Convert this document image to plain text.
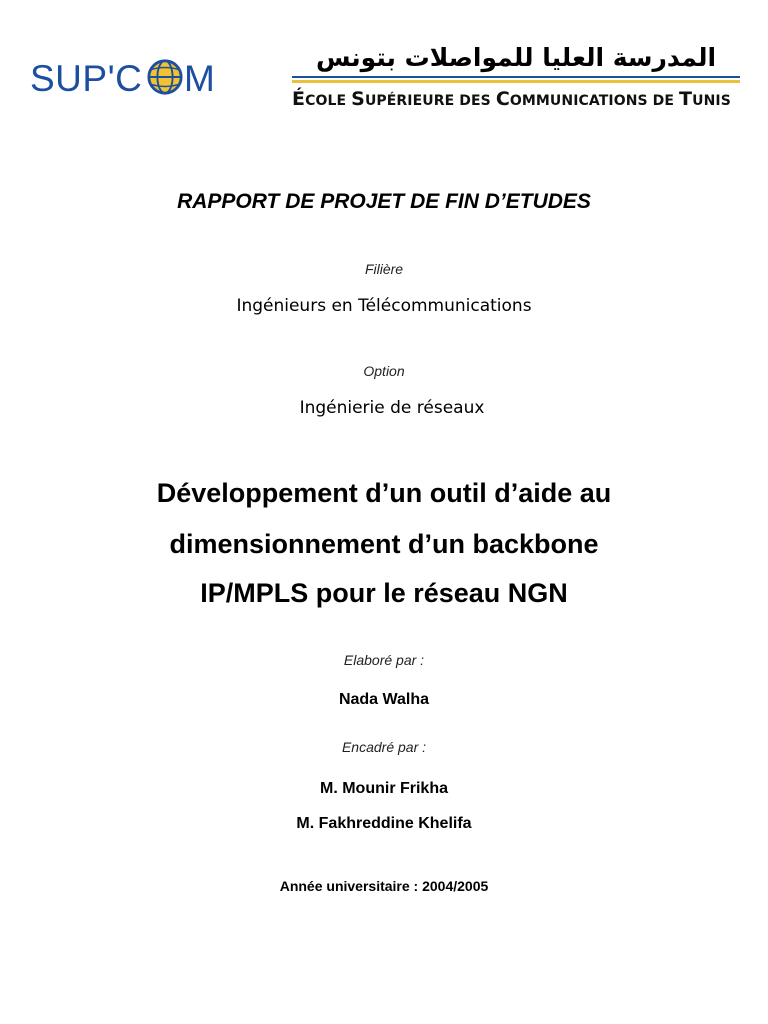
SUP'C M
المدرسة العليا للمواصلات بتونس
ÉCOLE SUPÉRIEURE DES COMMUNICATIONS DE TUNIS
RAPPORT DE PROJET DE FIN D’ETUDES
Filière
Ingénieurs en Télécommunications
Option
Ingénierie de réseaux
Développement d’un outil d’aide au
dimensionnement d’un backbone
IP/MPLS pour le réseau NGN
Elaboré par :
Nada Walha
Encadré par :
M. Mounir Frikha
M. Fakhreddine Khelifa
Année universitaire : 2004/2005
